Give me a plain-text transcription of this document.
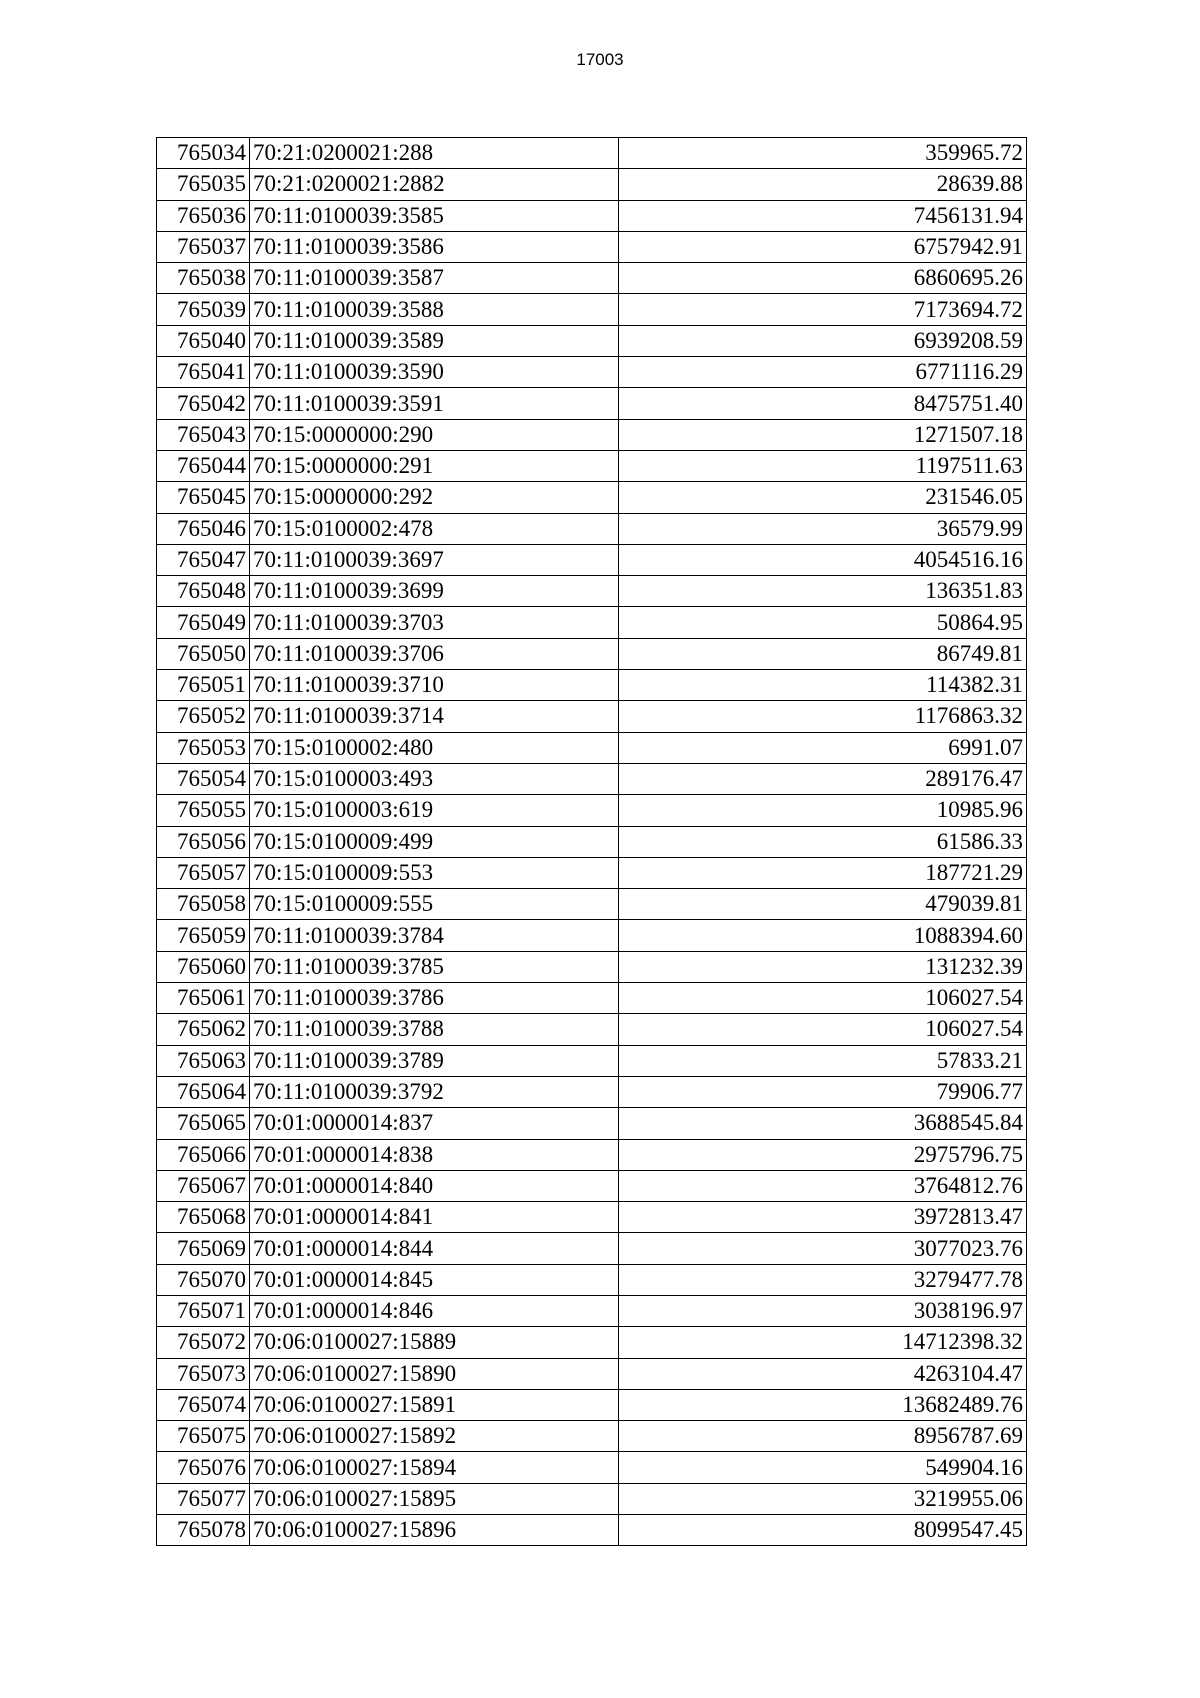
17003
765034	70:21:0200021:288	359965.72
765035	70:21:0200021:2882	28639.88
765036	70:11:0100039:3585	7456131.94
765037	70:11:0100039:3586	6757942.91
765038	70:11:0100039:3587	6860695.26
765039	70:11:0100039:3588	7173694.72
765040	70:11:0100039:3589	6939208.59
765041	70:11:0100039:3590	6771116.29
765042	70:11:0100039:3591	8475751.40
765043	70:15:0000000:290	1271507.18
765044	70:15:0000000:291	1197511.63
765045	70:15:0000000:292	231546.05
765046	70:15:0100002:478	36579.99
765047	70:11:0100039:3697	4054516.16
765048	70:11:0100039:3699	136351.83
765049	70:11:0100039:3703	50864.95
765050	70:11:0100039:3706	86749.81
765051	70:11:0100039:3710	114382.31
765052	70:11:0100039:3714	1176863.32
765053	70:15:0100002:480	6991.07
765054	70:15:0100003:493	289176.47
765055	70:15:0100003:619	10985.96
765056	70:15:0100009:499	61586.33
765057	70:15:0100009:553	187721.29
765058	70:15:0100009:555	479039.81
765059	70:11:0100039:3784	1088394.60
765060	70:11:0100039:3785	131232.39
765061	70:11:0100039:3786	106027.54
765062	70:11:0100039:3788	106027.54
765063	70:11:0100039:3789	57833.21
765064	70:11:0100039:3792	79906.77
765065	70:01:0000014:837	3688545.84
765066	70:01:0000014:838	2975796.75
765067	70:01:0000014:840	3764812.76
765068	70:01:0000014:841	3972813.47
765069	70:01:0000014:844	3077023.76
765070	70:01:0000014:845	3279477.78
765071	70:01:0000014:846	3038196.97
765072	70:06:0100027:15889	14712398.32
765073	70:06:0100027:15890	4263104.47
765074	70:06:0100027:15891	13682489.76
765075	70:06:0100027:15892	8956787.69
765076	70:06:0100027:15894	549904.16
765077	70:06:0100027:15895	3219955.06
765078	70:06:0100027:15896	8099547.45
